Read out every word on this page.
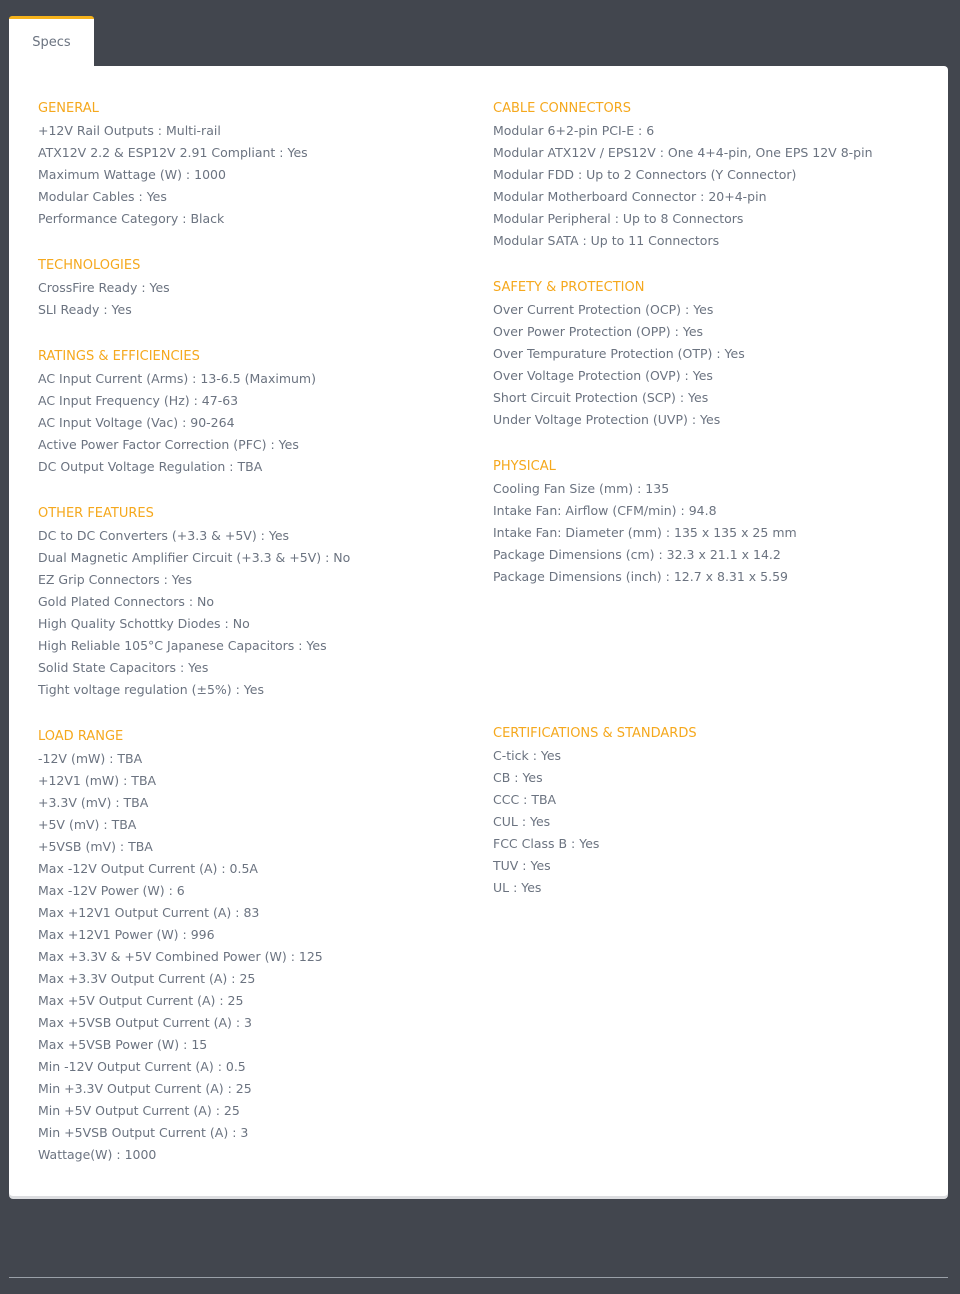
Specs
GENERAL
+12V Rail Outputs : Multi-rail
ATX12V 2.2 & ESP12V 2.91 Compliant : Yes
Maximum Wattage (W) : 1000
Modular Cables : Yes
Performance Category : Black
TECHNOLOGIES
CrossFire Ready : Yes
SLI Ready : Yes
RATINGS & EFFICIENCIES
AC Input Current (Arms) : 13-6.5 (Maximum)
AC Input Frequency (Hz) : 47-63
AC Input Voltage (Vac) : 90-264
Active Power Factor Correction (PFC) : Yes
DC Output Voltage Regulation : TBA
OTHER FEATURES
DC to DC Converters (+3.3 & +5V) : Yes
Dual Magnetic Amplifier Circuit (+3.3 & +5V) : No
EZ Grip Connectors : Yes
Gold Plated Connectors : No
High Quality Schottky Diodes : No
High Reliable 105°C Japanese Capacitors : Yes
Solid State Capacitors : Yes
Tight voltage regulation (±5%) : Yes
LOAD RANGE
-12V (mW) : TBA
+12V1 (mW) : TBA
+3.3V (mV) : TBA
+5V (mV) : TBA
+5VSB (mV) : TBA
Max -12V Output Current (A) : 0.5A
Max -12V Power (W) : 6
Max +12V1 Output Current (A) : 83
Max +12V1 Power (W) : 996
Max +3.3V & +5V Combined Power (W) : 125
Max +3.3V Output Current (A) : 25
Max +5V Output Current (A) : 25
Max +5VSB Output Current (A) : 3
Max +5VSB Power (W) : 15
Min -12V Output Current (A) : 0.5
Min +3.3V Output Current (A) : 25
Min +5V Output Current (A) : 25
Min +5VSB Output Current (A) : 3
Wattage(W) : 1000
CABLE CONNECTORS
Modular 6+2-pin PCI-E : 6
Modular ATX12V / EPS12V : One 4+4-pin, One EPS 12V 8-pin
Modular FDD : Up to 2 Connectors (Y Connector)
Modular Motherboard Connector : 20+4-pin
Modular Peripheral : Up to 8 Connectors
Modular SATA : Up to 11 Connectors
SAFETY & PROTECTION
Over Current Protection (OCP) : Yes
Over Power Protection (OPP) : Yes
Over Tempurature Protection (OTP) : Yes
Over Voltage Protection (OVP) : Yes
Short Circuit Protection (SCP) : Yes
Under Voltage Protection (UVP) : Yes
PHYSICAL
Cooling Fan Size (mm) : 135
Intake Fan: Airflow (CFM/min) : 94.8
Intake Fan: Diameter (mm) : 135 x 135 x 25 mm
Package Dimensions (cm) : 32.3 x 21.1 x 14.2
Package Dimensions (inch) : 12.7 x 8.31 x 5.59
CERTIFICATIONS & STANDARDS
C-tick : Yes
CB : Yes
CCC : TBA
CUL : Yes
FCC Class B : Yes
TUV : Yes
UL : Yes
